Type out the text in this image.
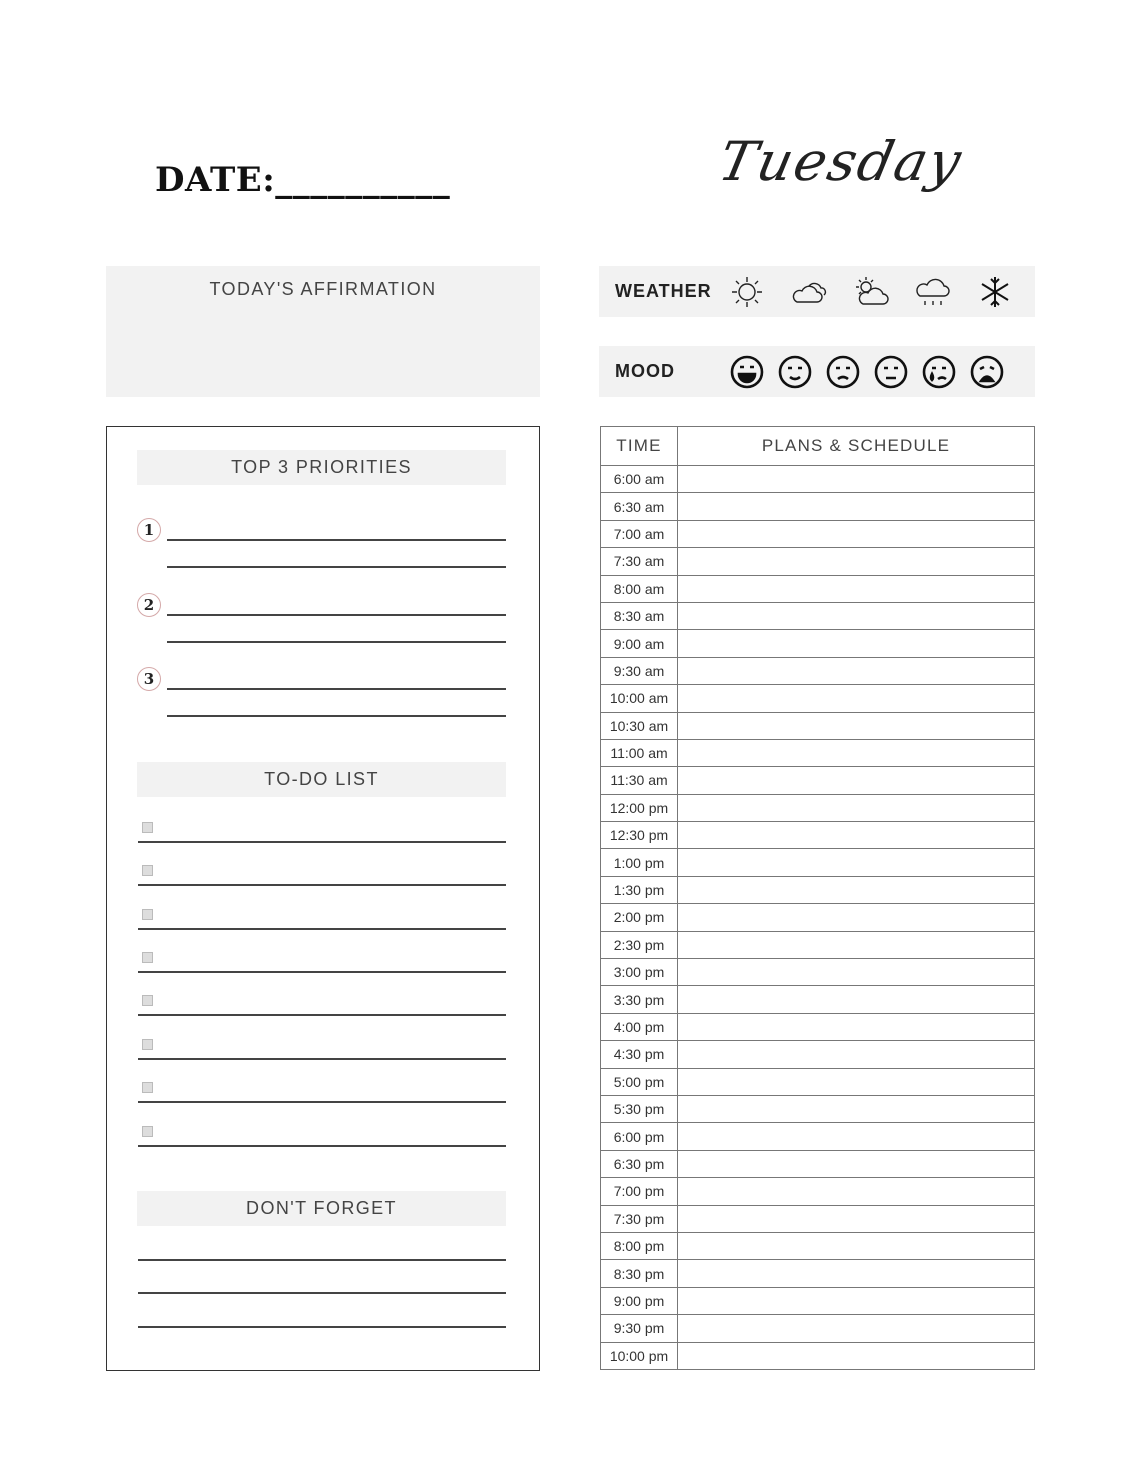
DATE:__________	Tuesday
TODAY'S AFFIRMATION	WEATHER
MOOD
TOP 3 PRIORITIES
TO-DO LIST
DON'T FORGET
TIME	PLANS & SCHEDULE
6:00 am	
6:30 am	
7:00 am	
7:30 am	
8:00 am	
8:30 am	
9:00 am	
9:30 am	
10:00 am	
10:30 am	
11:00 am	
11:30 am	
12:00 pm	
12:30 pm	
1:00 pm	
1:30 pm	
2:00 pm	
2:30 pm	
3:00 pm	
3:30 pm	
4:00 pm	
4:30 pm	
5:00 pm	
5:30 pm	
6:00 pm	
6:30 pm	
7:00 pm	
7:30 pm	
8:00 pm	
8:30 pm	
9:00 pm	
9:30 pm	
10:00 pm	
1
2
3
